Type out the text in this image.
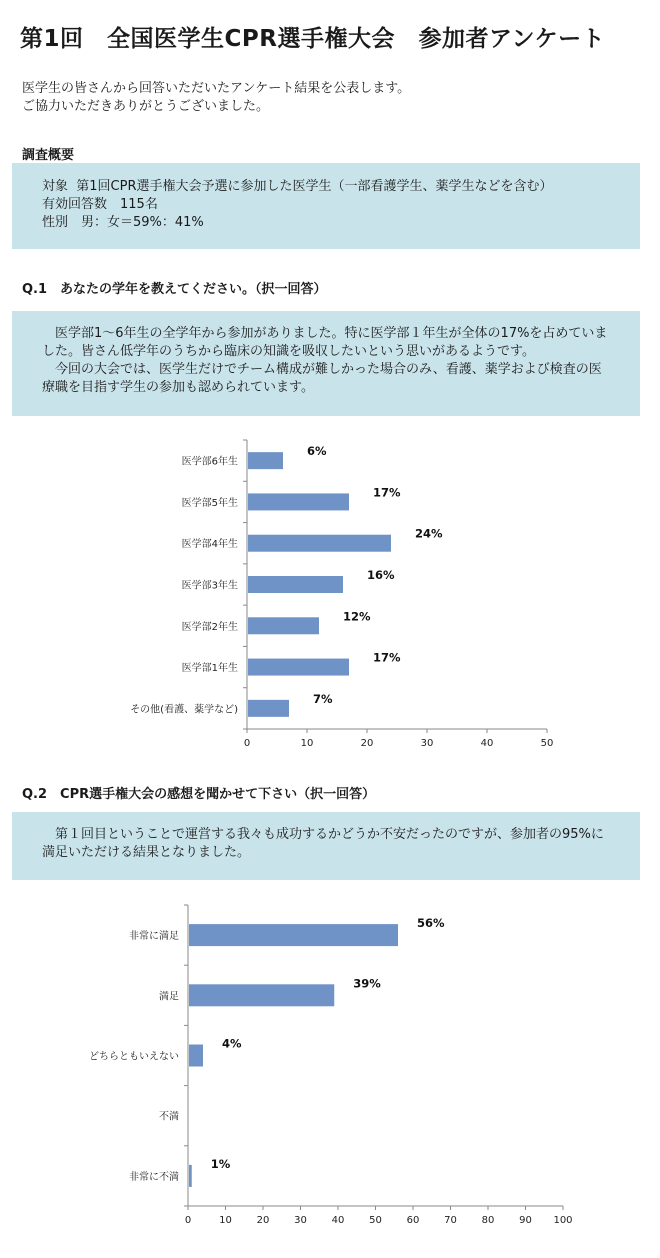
第1回　全国医学生CPR選手権大会　参加者アンケート
医学生の皆さんから回答いただいたアンケート結果を公表します。
ご協力いただきありがとうございました。
調査概要
対象  第1回CPR選手権大会予選に参加した医学生（一部看護学生、薬学生などを含む）
有効回答数　115名
性別　男：女＝59%：41%
Q.1　あなたの学年を教えてください。（択一回答）
医学部1～6年生の全学年から参加がありました。特に医学部１年生が全体の17%を占めていました。皆さん低学年のうちから臨床の知識を吸収したいという思いがあるようです。
今回の大会では、医学生だけでチーム構成が難しかった場合のみ、看護、薬学および検査の医療職を目指す学生の参加も認められています。
0	10	20	30	40	50
医学部6年生
6%
医学部5年生
17%
医学部4年生
24%
医学部3年生
16%
医学部2年生
12%
医学部1年生
17%
その他(看護、薬学など)
7%
Q.2　CPR選手権大会の感想を聞かせて下さい（択一回答）
第１回目ということで運営する我々も成功するかどうか不安だったのですが、参加者の95%に満足いただける結果となりました。
0	10 20 30 40 50 60 70 80 90 100
非常に満足
56%
満足
39%
どちらともいえない
4%
不満
非常に不満
1%
